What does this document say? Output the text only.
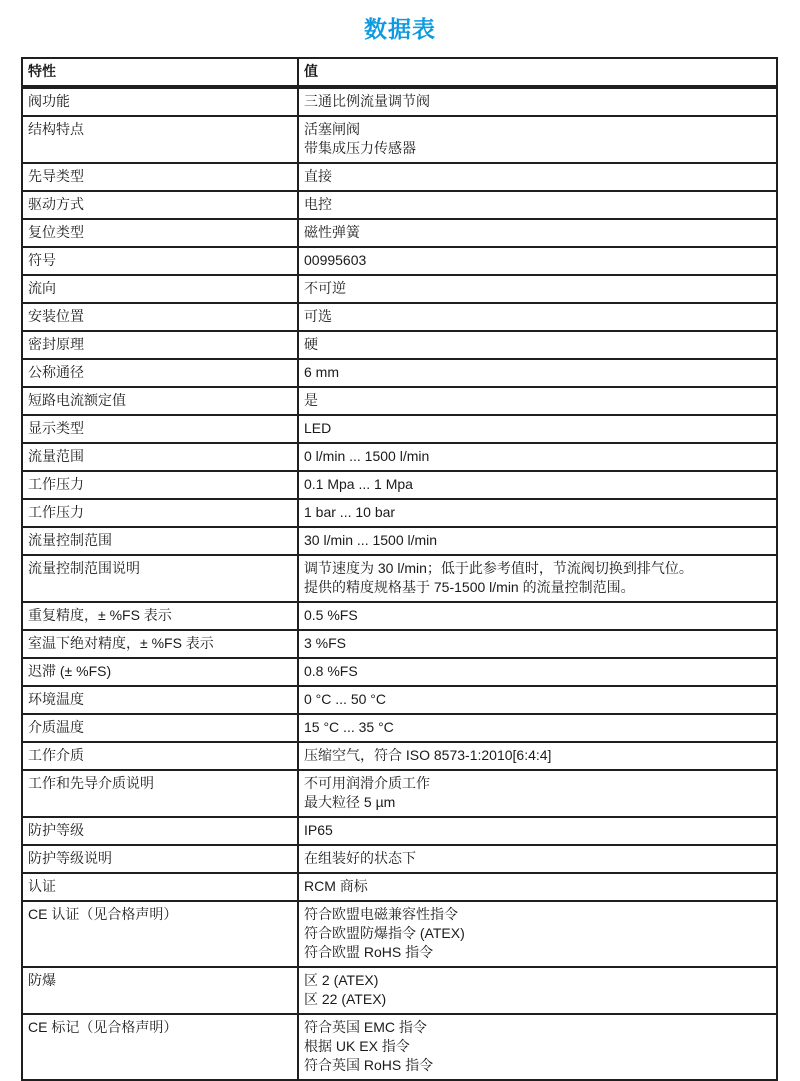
数据表
特性	值
阀功能	三通比例流量调节阀

结构特点	活塞闸阀
带集成压力传感器

先导类型	直接

驱动方式	电控

复位类型	磁性弹簧

符号	00995603

流向	不可逆

安装位置	可选

密封原理	硬

公称通径	6 mm

短路电流额定值	是

显示类型	LED

流量范围	0 l/min ... 1500 l/min

工作压力	0.1 Mpa ... 1 Mpa

工作压力	1 bar ... 10 bar

流量控制范围	30 l/min ... 1500 l/min

流量控制范围说明	调节速度为 30 l/min；低于此参考值时，节流阀切换到排气位。
提供的精度规格基于 75-1500 l/min 的流量控制范围。

重复精度，± %FS 表示	0.5 %FS

室温下绝对精度，± %FS 表示	3 %FS

迟滞 (± %FS)	0.8 %FS

环境温度	0 °C ... 50 °C

介质温度	15 °C ... 35 °C

工作介质	压缩空气，符合 ISO 8573-1:2010[6:4:4]

工作和先导介质说明	不可用润滑介质工作
最大粒径 5 µm

防护等级	IP65

防护等级说明	在组装好的状态下

认证	RCM 商标

CE 认证（见合格声明）	符合欧盟电磁兼容性指令
符合欧盟防爆指令 (ATEX)
符合欧盟 RoHS 指令

防爆	区 2 (ATEX)
区 22 (ATEX)

CE 标记（见合格声明）	符合英国 EMC 指令
根据 UK EX 指令
符合英国 RoHS 指令
